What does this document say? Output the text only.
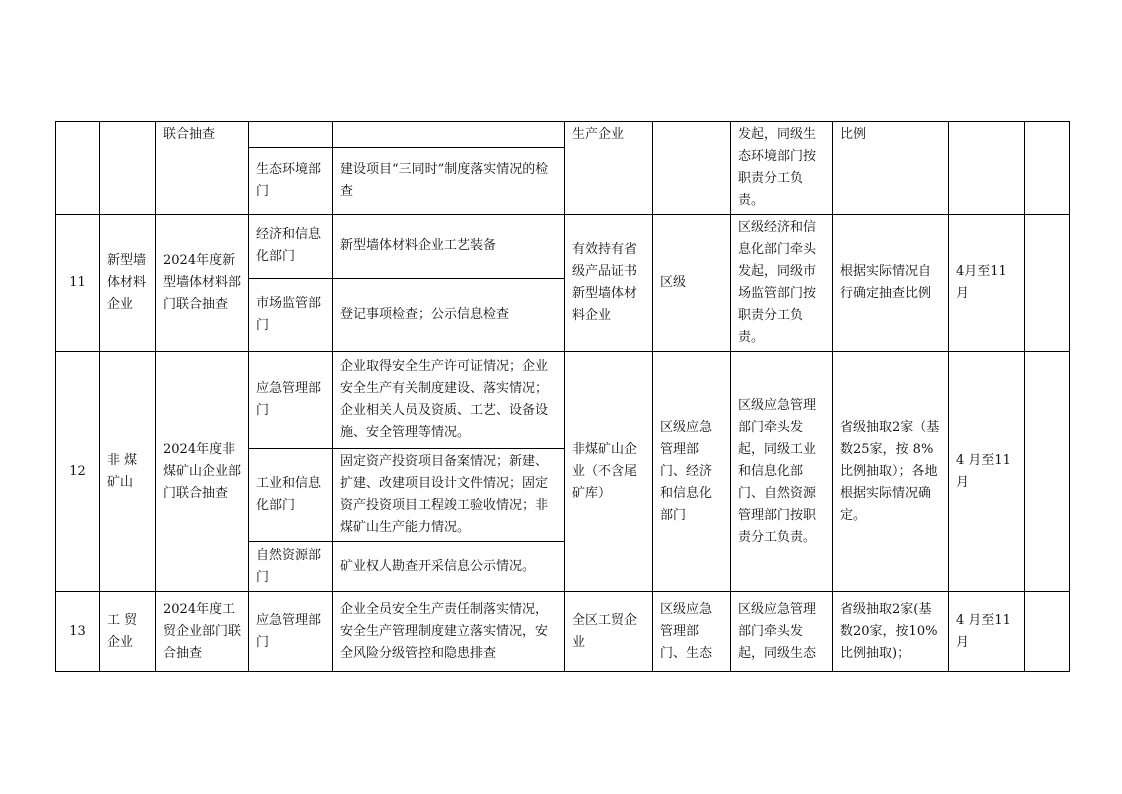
		联合抽查			生产企业		发起，同级生态环境部门按职责分工负责。	比例		
			生态环境部门	建设项目“三同时”制度落实情况的检查						
11	新型墙体材料企业	2024年度新型墙体材料部门联合抽查	经济和信息化部门	新型墙体材料企业工艺装备	有效持有省级产品证书新型墙体材料企业	区级	区级经济和信息化部门牵头发起，同级市场监管部门按职责分工负责。	根据实际情况自行确定抽查比例	4月至11月	
			市场监管部门	登记事项检查；公示信息检查						
12	非 煤矿山	2024年度非煤矿山企业部门联合抽查	应急管理部门	企业取得安全生产许可证情况；企业安全生产有关制度建设、落实情况；企业相关人员及资质、工艺、设备设施、安全管理等情况。	非煤矿山企业（不含尾矿库）	区级应急管理部门、经济和信息化部门	区级应急管理部门牵头发起，同级工业和信息化部门、自然资源管理部门按职责分工负责。	省级抽取2家（基数25家，按 8%比例抽取）；各地根据实际情况确定。	4 月至11月	
			工业和信息化部门	固定资产投资项目备案情况；新建、扩建、改建项目设计文件情况；固定资产投资项目工程竣工验收情况；非煤矿山生产能力情况。						
			自然资源部门	矿业权人勘查开采信息公示情况。						
13	工 贸企业	2024年度工贸企业部门联合抽查	应急管理部门	企业全员安全生产责任制落实情况，安全生产管理制度建立落实情况，安全风险分级管控和隐患排查	全区工贸企业	区级应急管理部门、生态	区级应急管理部门牵头发起，同级生态	省级抽取2家(基数20家，按10%比例抽取)；	4 月至11月	
